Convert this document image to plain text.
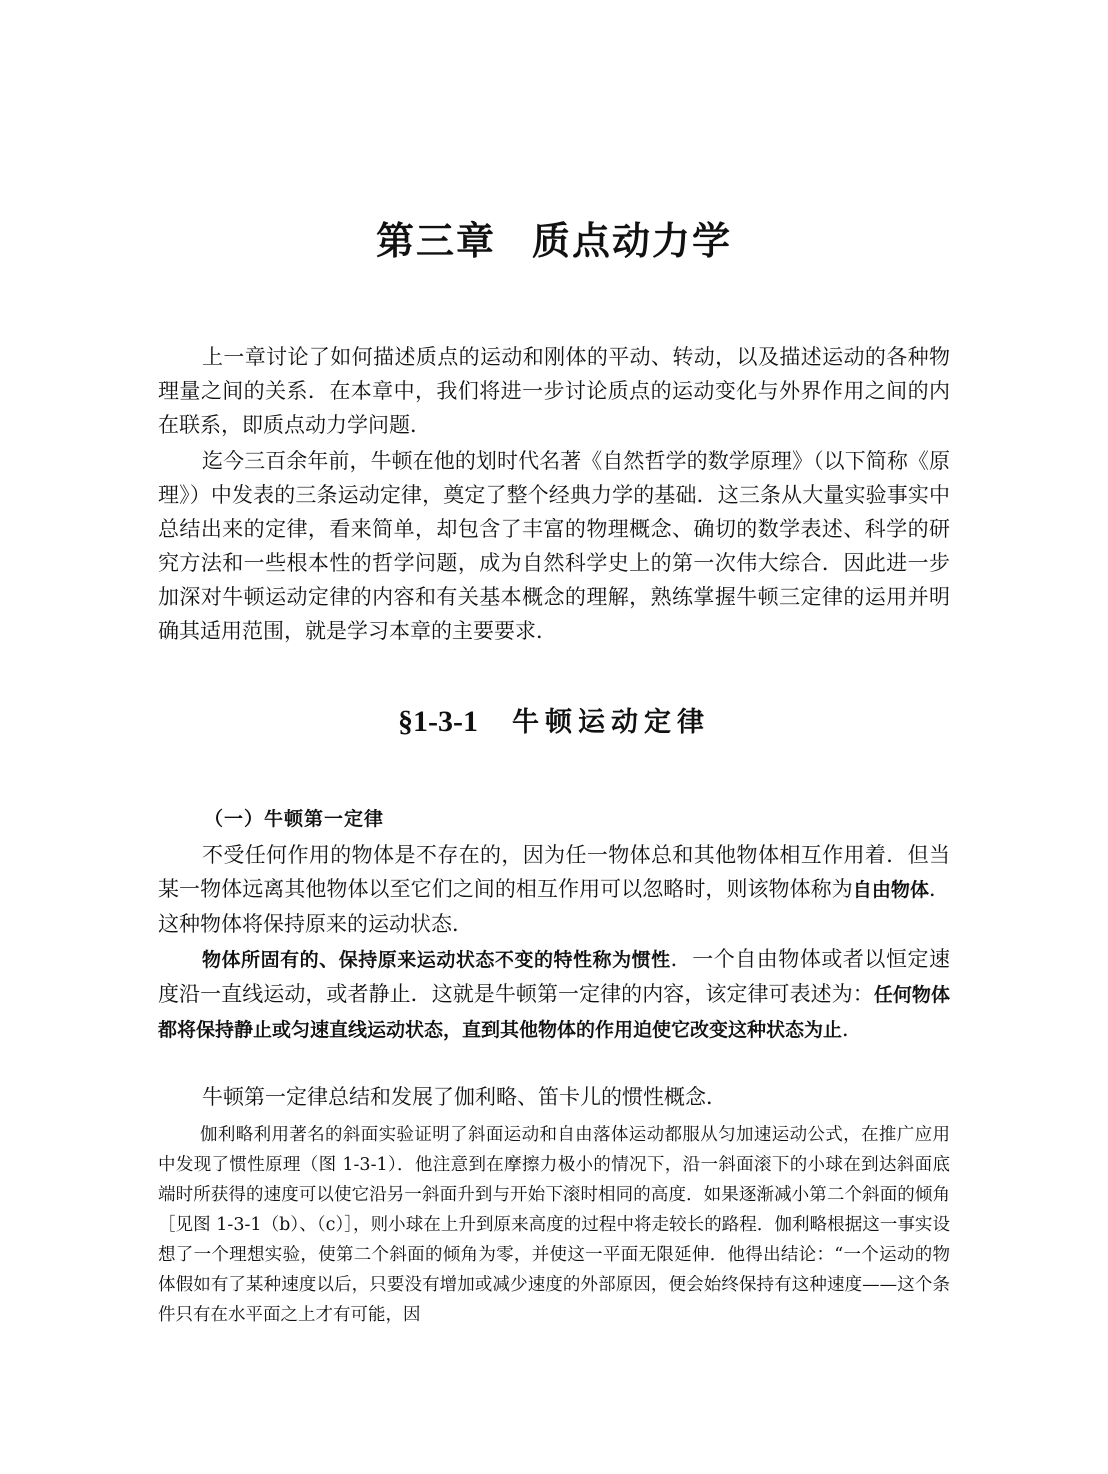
第三章 质点动力学

上一章讨论了如何描述质点的运动和刚体的平动、转动，以及描述运动的各种物理量之间的关系．在本章中，我们将进一步讨论质点的运动变化与外界作用之间的内在联系，即质点动力学问题．

迄今三百余年前，牛顿在他的划时代名著《自然哲学的数学原理》（以下简称《原理》）中发表的三条运动定律，奠定了整个经典力学的基础．这三条从大量实验事实中总结出来的定律，看来简单，却包含了丰富的物理概念、确切的数学表述、科学的研究方法和一些根本性的哲学问题，成为自然科学史上的第一次伟大综合．因此进一步加深对牛顿运动定律的内容和有关基本概念的理解，熟练掌握牛顿三定律的运用并明确其适用范围，就是学习本章的主要要求．

§1-3-1 牛顿运动定律
（一）牛顿第一定律

不受任何作用的物体是不存在的，因为任一物体总和其他物体相互作用着．但当某一物体远离其他物体以至它们之间的相互作用可以忽略时，则该物体称为自由物体．这种物体将保持原来的运动状态．

物体所固有的、保持原来运动状态不变的特性称为惯性．一个自由物体或者以恒定速度沿一直线运动，或者静止．这就是牛顿第一定律的内容，该定律可表述为：任何物体都将保持静止或匀速直线运动状态，直到其他物体的作用迫使它改变这种状态为止．

牛顿第一定律总结和发展了伽利略、笛卡儿的惯性概念．

伽利略利用著名的斜面实验证明了斜面运动和自由落体运动都服从匀加速运动公式，在推广应用中发现了惯性原理（图 1-3-1）．他注意到在摩擦力极小的情况下，沿一斜面滚下的小球在到达斜面底端时所获得的速度可以使它沿另一斜面升到与开始下滚时相同的高度．如果逐渐减小第二个斜面的倾角［见图 1-3-1（b）、（c）］，则小球在上升到原来高度的过程中将走较长的路程．伽利略根据这一事实设想了一个理想实验，使第二个斜面的倾角为零，并使这一平面无限延伸．他得出结论：“一个运动的物体假如有了某种速度以后，只要没有增加或减少速度的外部原因，便会始终保持有这种速度——这个条件只有在水平面之上才有可能，因
